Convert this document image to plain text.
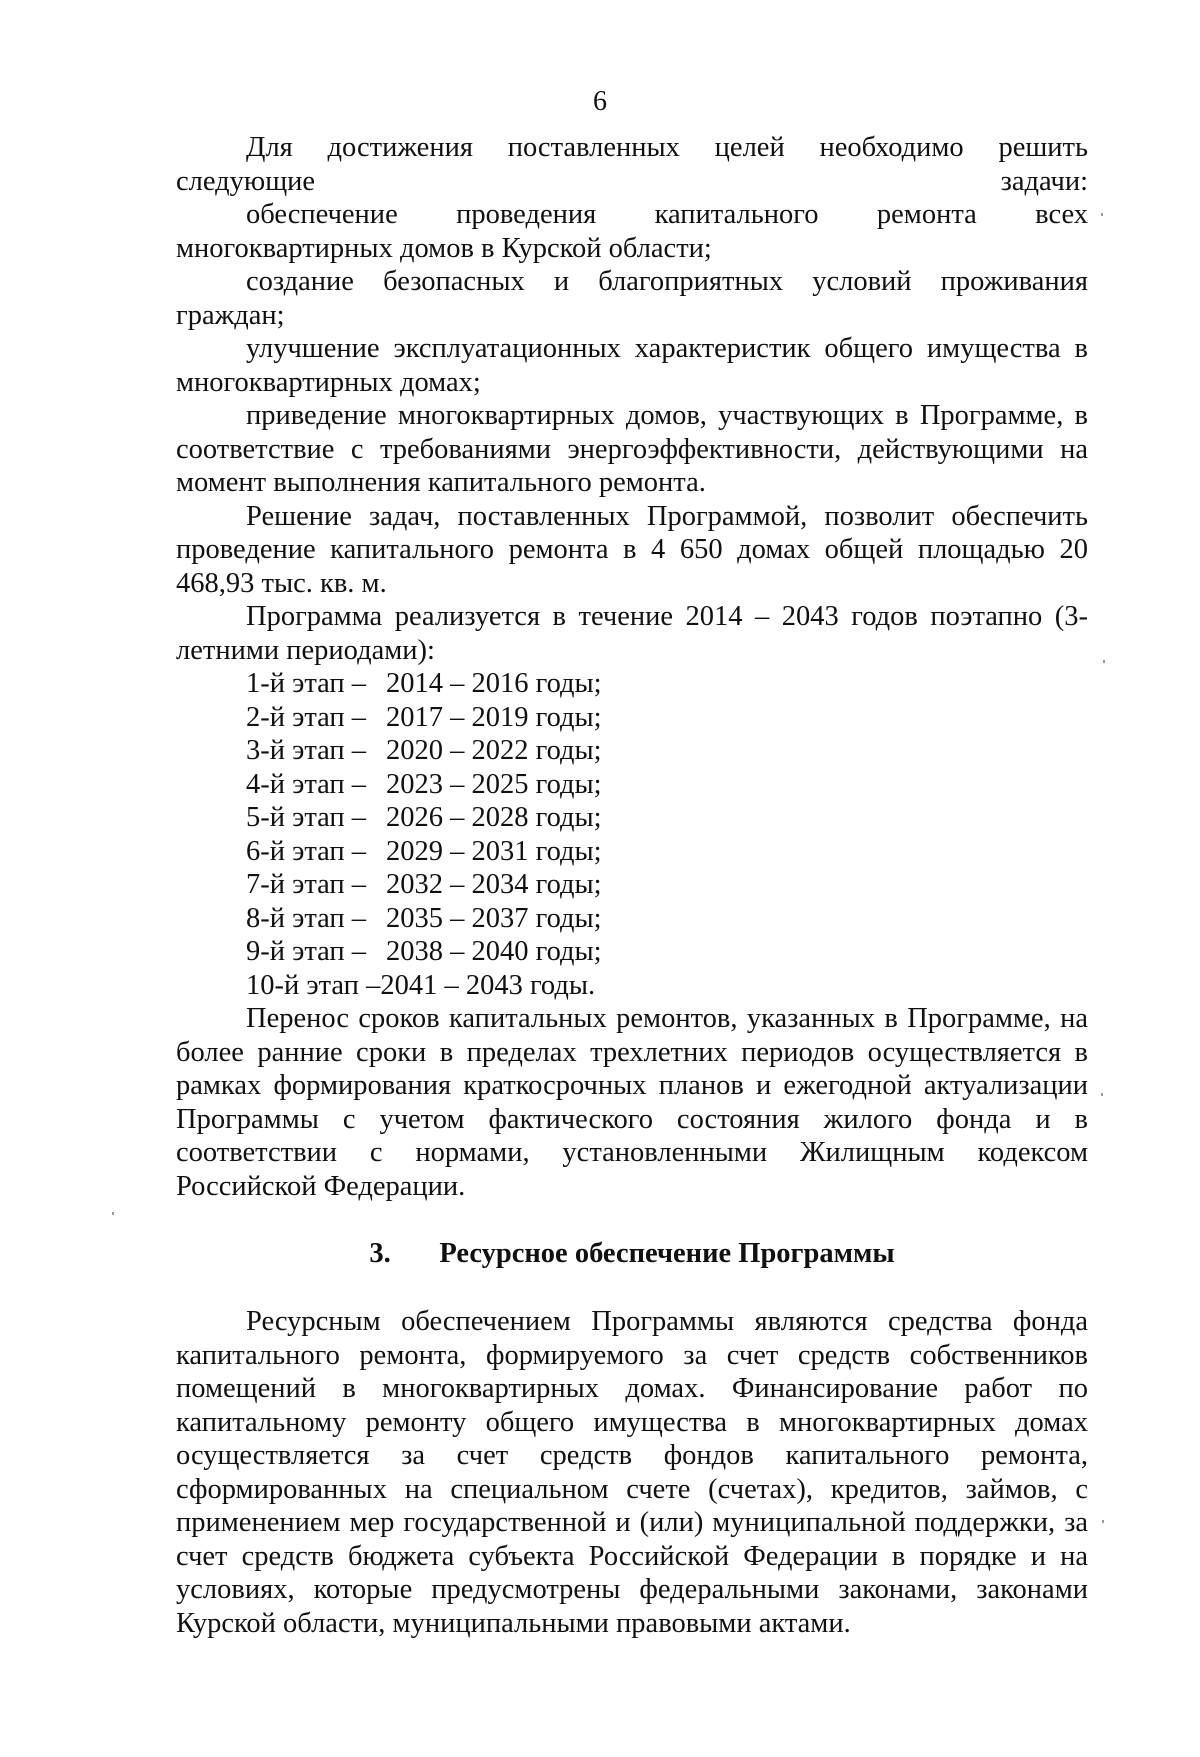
6

Для достижения поставленных целей необходимо решить следующие задачи:

обеспечение проведения капитального ремонта всех многоквартирных домов в Курской области;

создание безопасных и благоприятных условий проживания граждан;

улучшение эксплуатационных характеристик общего имущества в многоквартирных домах;

приведение многоквартирных домов, участвующих в Программе, в соответствие с требованиями энергоэффективности, действующими на момент выполнения капитального ремонта.

Решение задач, поставленных Программой, позволит обеспечить проведение капитального ремонта в 4 650 домах общей площадью 20 468,93 тыс. кв. м.

Программа реализуется в течение 2014 – 2043 годов поэтапно (3-летними периодами):

1-й этап – 2014 – 2016 годы;
2-й этап – 2017 – 2019 годы;
3-й этап – 2020 – 2022 годы;
4-й этап – 2023 – 2025 годы;
5-й этап – 2026 – 2028 годы;
6-й этап – 2029 – 2031 годы;
7-й этап – 2032 – 2034 годы;
8-й этап – 2035 – 2037 годы;
9-й этап – 2038 – 2040 годы;
10-й этап – 2041 – 2043 годы.

Перенос сроков капитальных ремонтов, указанных в Программе, на более ранние сроки в пределах трехлетних периодов осуществляется в рамках формирования краткосрочных планов и ежегодной актуализации Программы с учетом фактического состояния жилого фонда и в соответствии с нормами, установленными Жилищным кодексом Российской Федерации.

3. Ресурсное обеспечение Программы

Ресурсным обеспечением Программы являются средства фонда капитального ремонта, формируемого за счет средств собственников помещений в многоквартирных домах. Финансирование работ по капитальному ремонту общего имущества в многоквартирных домах осуществляется за счет средств фондов капитального ремонта, сформированных на специальном счете (счетах), кредитов, займов, с применением мер государственной и (или) муниципальной поддержки, за счет средств бюджета субъекта Российской Федерации в порядке и на условиях, которые предусмотрены федеральными законами, законами Курской области, муниципальными правовыми актами.
